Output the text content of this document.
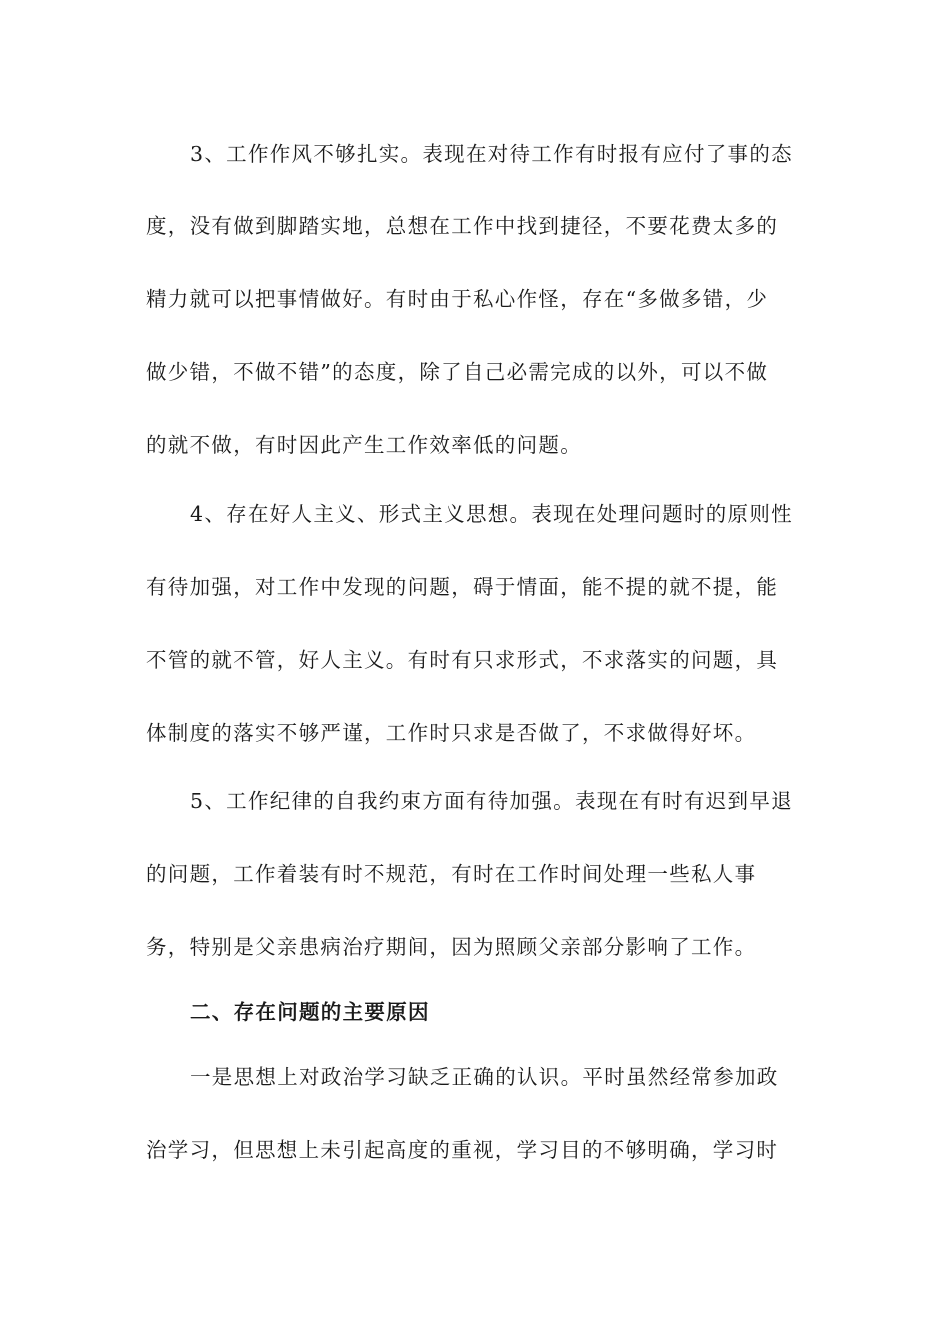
3、工作作风不够扎实。表现在对待工作有时报有应付了事的态
度，没有做到脚踏实地，总想在工作中找到捷径，不要花费太多的
精力就可以把事情做好。有时由于私心作怪，存在“多做多错，少
做少错，不做不错”的态度，除了自己必需完成的以外，可以不做
的就不做，有时因此产生工作效率低的问题。
4、存在好人主义、形式主义思想。表现在处理问题时的原则性
有待加强，对工作中发现的问题，碍于情面，能不提的就不提，能
不管的就不管，好人主义。有时有只求形式，不求落实的问题，具
体制度的落实不够严谨，工作时只求是否做了，不求做得好坏。
5、工作纪律的自我约束方面有待加强。表现在有时有迟到早退
的问题，工作着装有时不规范，有时在工作时间处理一些私人事
务，特别是父亲患病治疗期间，因为照顾父亲部分影响了工作。
二、存在问题的主要原因
一是思想上对政治学习缺乏正确的认识。平时虽然经常参加政
治学习，但思想上未引起高度的重视，学习目的不够明确，学习时
